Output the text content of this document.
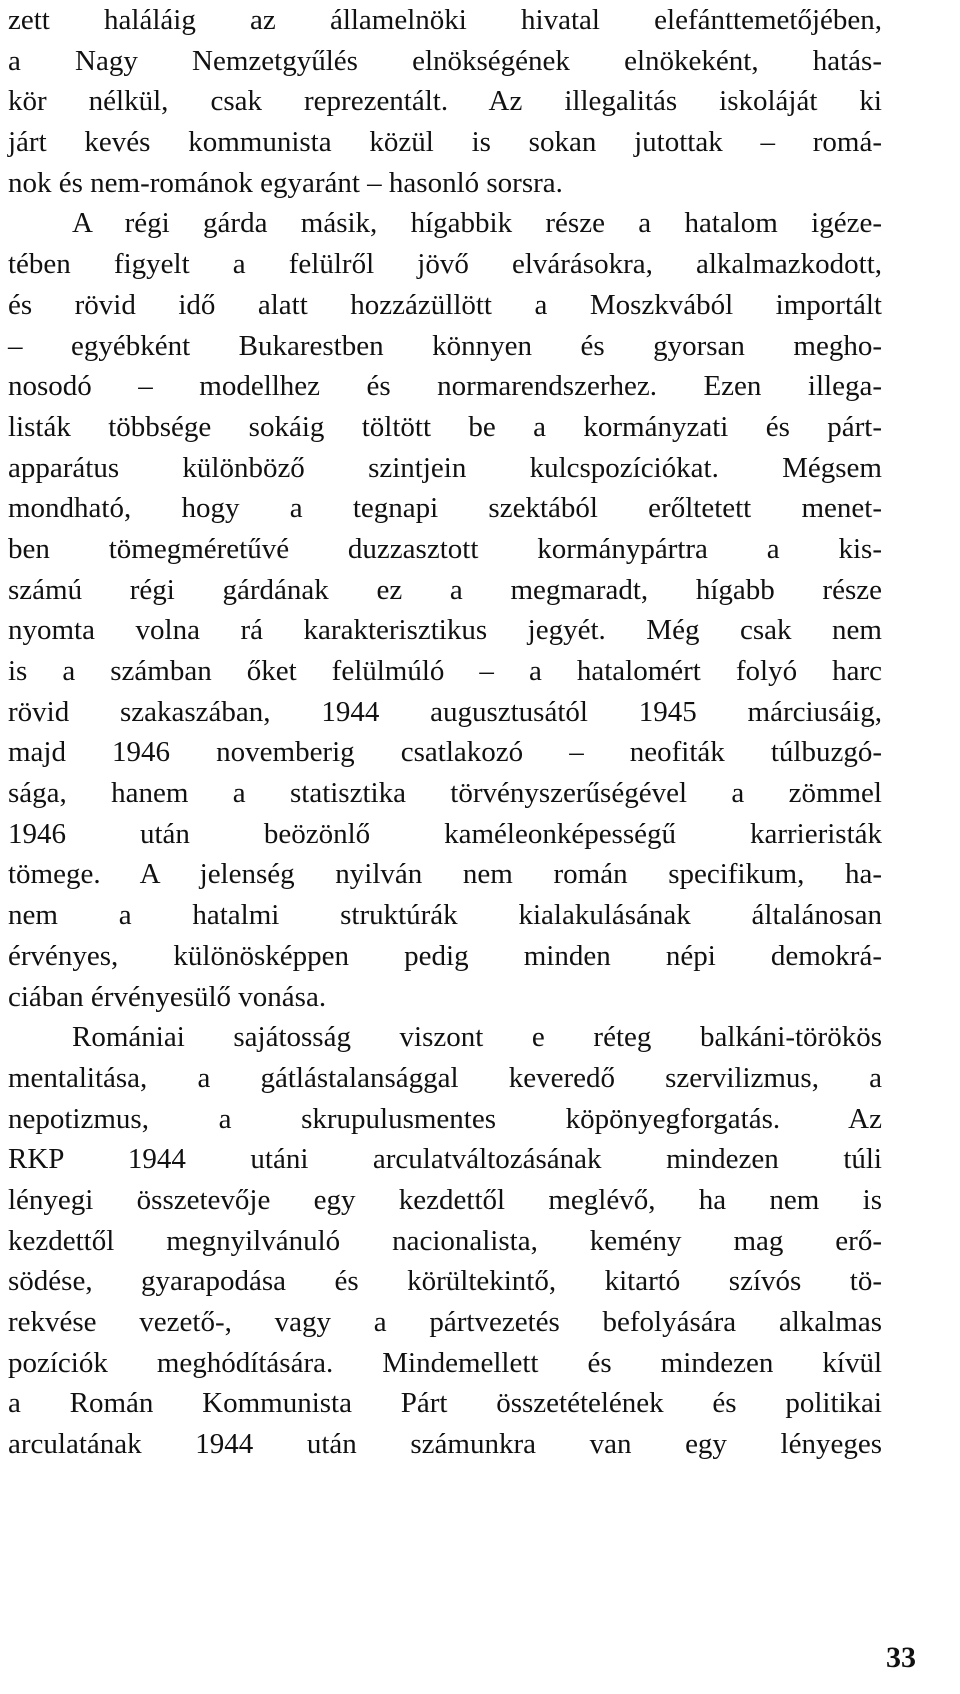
zett haláláig az államelnöki hivatal elefánttemetőjében,
a Nagy Nemzetgyűlés elnökségének elnökeként, hatás-
kör nélkül, csak reprezentált. Az illegalitás iskoláját ki
járt kevés kommunista közül is sokan jutottak – romá-
nok és nem-románok egyaránt – hasonló sorsra.
A régi gárda másik, hígabbik része a hatalom igéze-
tében figyelt a felülről jövő elvárásokra, alkalmazkodott,
és rövid idő alatt hozzázüllött a Moszkvából importált
– egyébként Bukarestben könnyen és gyorsan megho-
nosodó – modellhez és normarendszerhez. Ezen illega-
listák többsége sokáig töltött be a kormányzati és párt-
apparátus különböző szintjein kulcspozíciókat. Mégsem
mondható, hogy a tegnapi szektából erőltetett menet-
ben tömegméretűvé duzzasztott kormánypártra a kis-
számú régi gárdának ez a megmaradt, hígabb része
nyomta volna rá karakterisztikus jegyét. Még csak nem
is a számban őket felülmúló – a hatalomért folyó harc
rövid szakaszában, 1944 augusztusától 1945 márciusáig,
majd 1946 novemberig csatlakozó – neofiták túlbuzgó-
sága, hanem a statisztika törvényszerűségével a zömmel
1946 után beözönlő kaméleonképességű karrieristák
tömege. A jelenség nyilván nem román specifikum, ha-
nem a hatalmi struktúrák kialakulásának általánosan
érvényes, különösképpen pedig minden népi demokrá-
ciában érvényesülő vonása.
Romániai sajátosság viszont e réteg balkáni-törökös
mentalitása, a gátlástalansággal keveredő szervilizmus, a
nepotizmus, a skrupulusmentes köpönyegforgatás. Az
RKP 1944 utáni arculatváltozásának mindezen túli
lényegi összetevője egy kezdettől meglévő, ha nem is
kezdettől megnyilvánuló nacionalista, kemény mag erő-
södése, gyarapodása és körültekintő, kitartó szívós tö-
rekvése vezető-, vagy a pártvezetés befolyására alkalmas
pozíciók meghódítására. Mindemellett és mindezen kívül
a Román Kommunista Párt összetételének és politikai
arculatának 1944 után számunkra van egy lényeges
33
